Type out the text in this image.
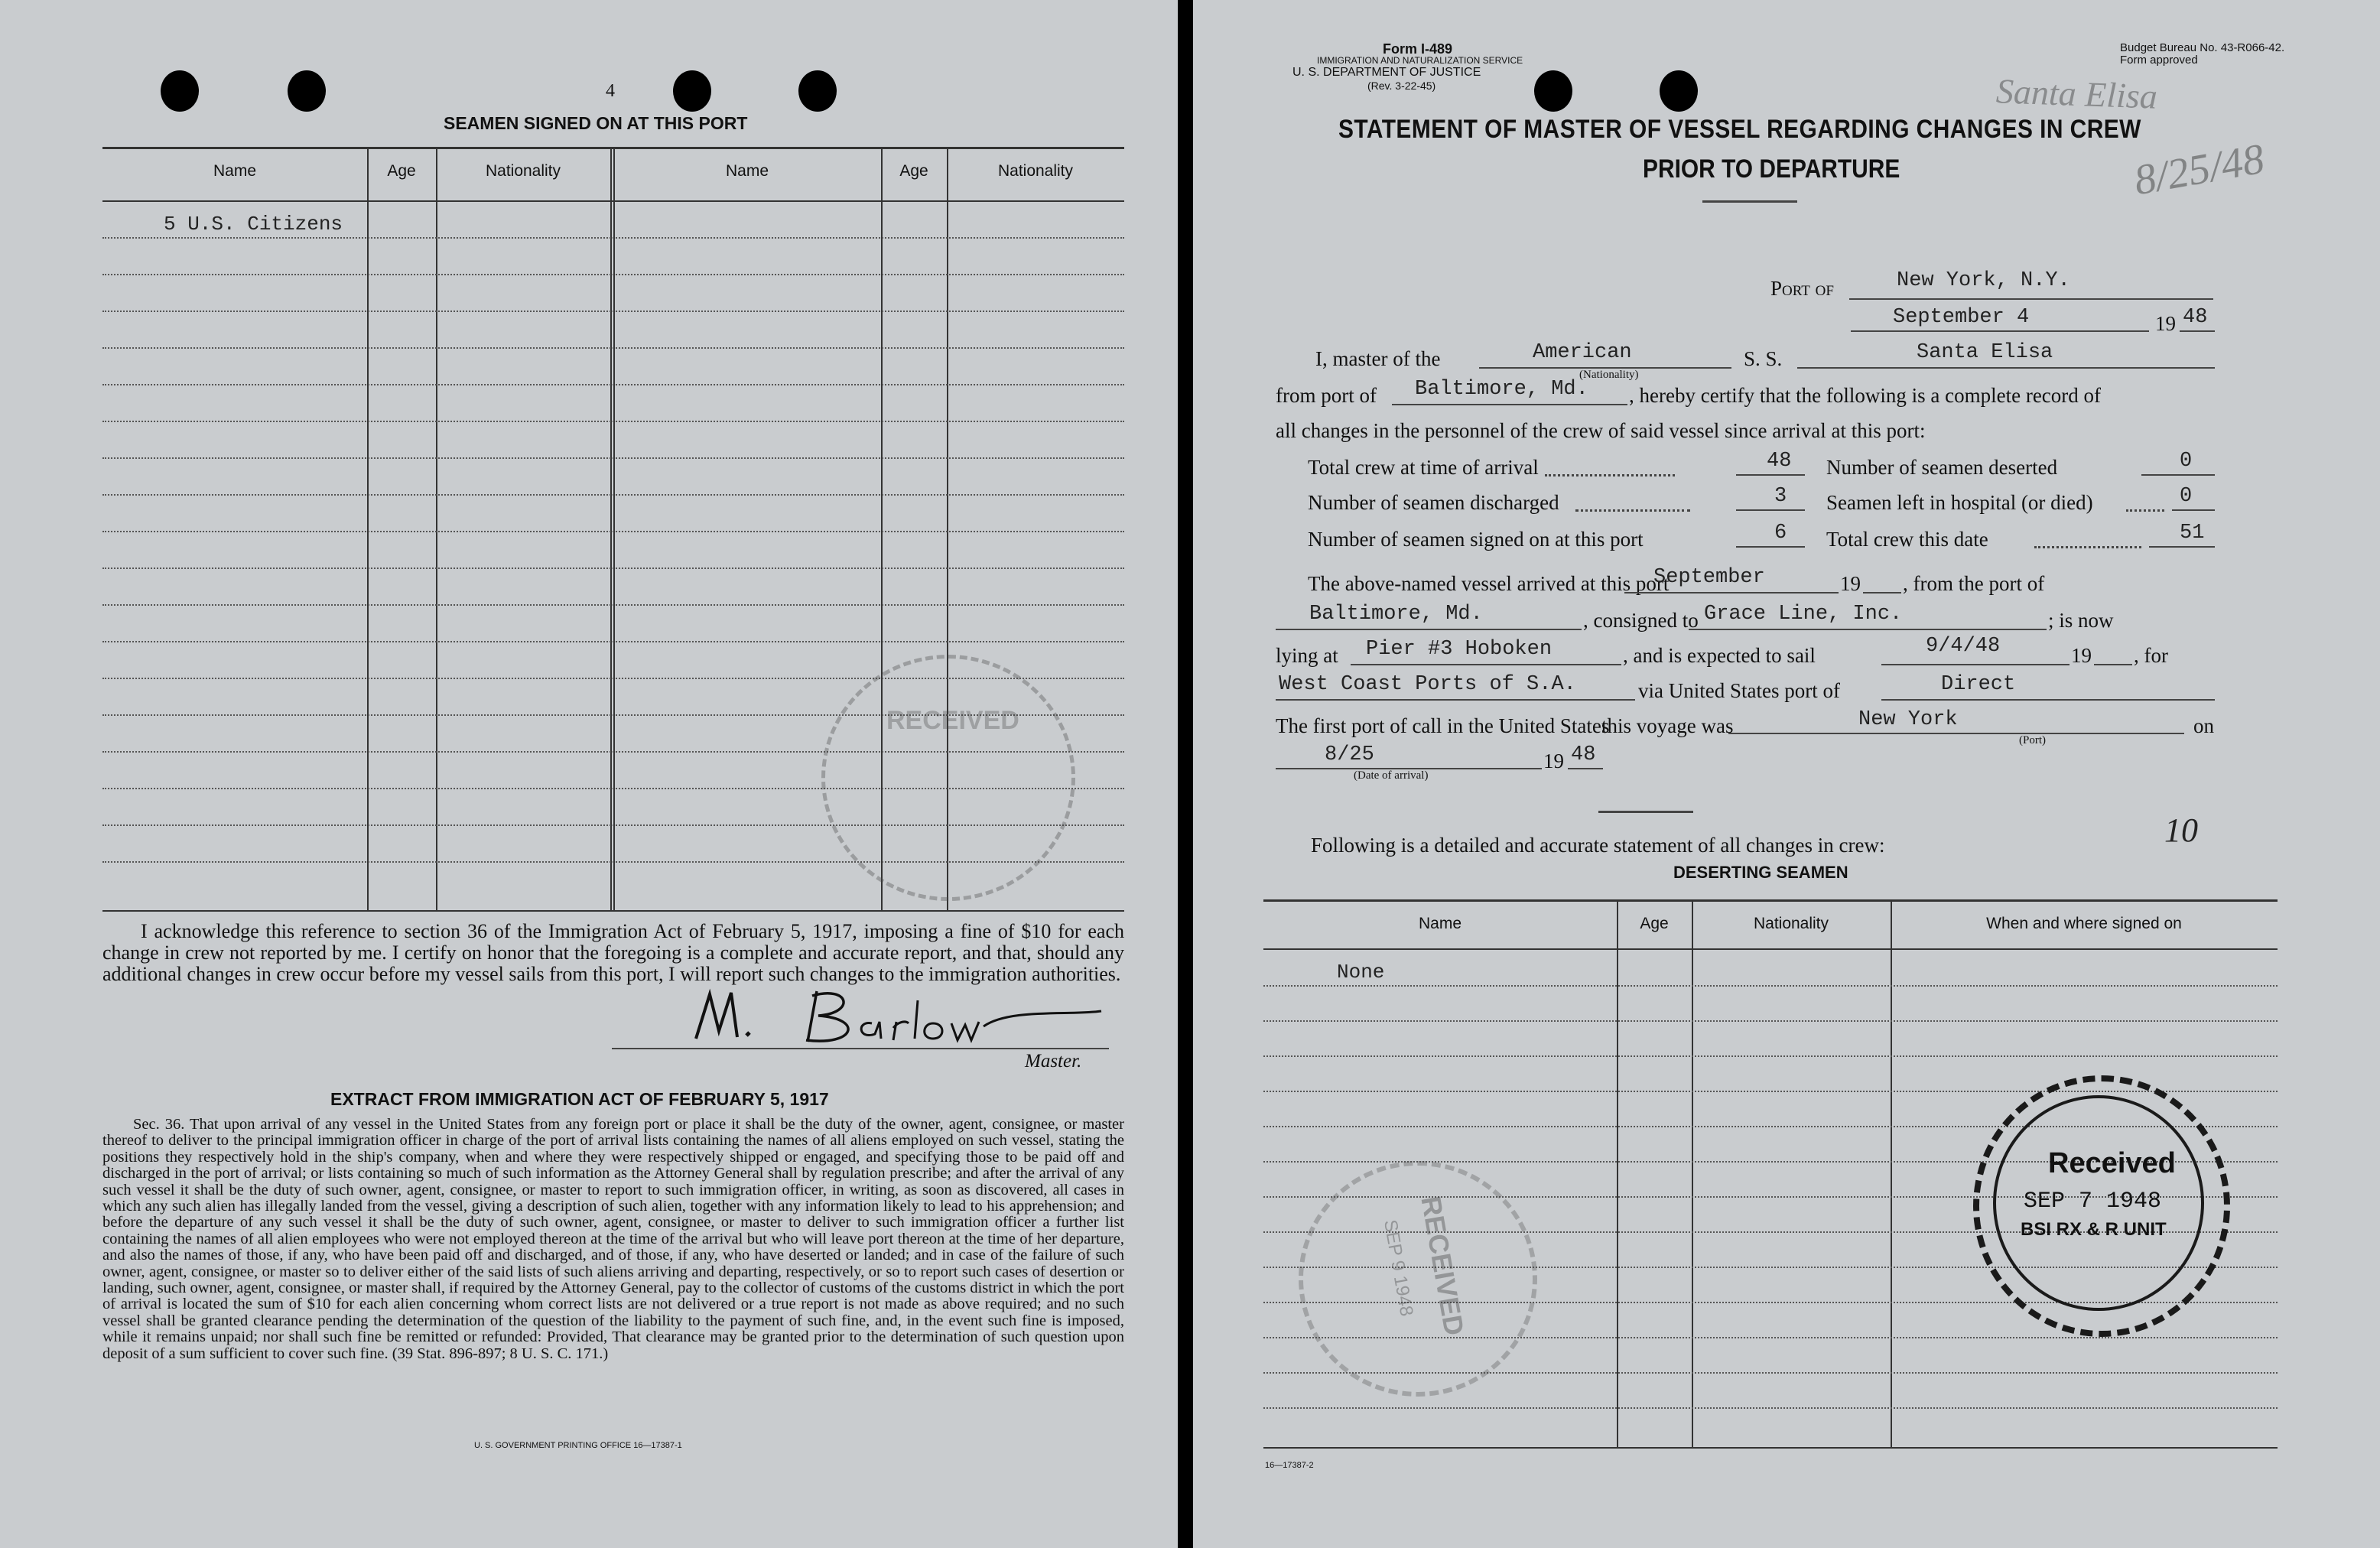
4
SEAMEN SIGNED ON AT THIS PORT
Name	Age	Nationality	Name	Age	Nationality
5 U.S. Citizens
RECEIVED
I acknowledge this reference to section 36 of the Immigration Act of February 5, 1917, imposing a fine of $10 for each change in crew not reported by me. I certify on honor that the foregoing is a complete and accurate report, and that, should any additional changes in crew occur before my vessel sails from this port, I will report such changes to the immigration authorities.
Master.
EXTRACT FROM IMMIGRATION ACT OF FEBRUARY 5, 1917
Sec. 36. That upon arrival of any vessel in the United States from any foreign port or place it shall be the duty of the owner, agent, consignee, or master thereof to deliver to the principal immigration officer in charge of the port of arrival lists containing the names of all aliens employed on such vessel, stating the positions they respectively hold in the ship's company, when and where they were respectively shipped or engaged, and specifying those to be paid off and discharged in the port of arrival; or lists containing so much of such information as the Attorney General shall by regulation prescribe; and after the arrival of any such vessel it shall be the duty of such owner, agent, consignee, or master to report to such immigration officer, in writing, as soon as discovered, all cases in which any such alien has illegally landed from the vessel, giving a description of such alien, together with any information likely to lead to his apprehension; and before the departure of any such vessel it shall be the duty of such owner, agent, consignee, or master to deliver to such immigration officer a further list containing the names of all alien employees who were not employed thereon at the time of the arrival but who will leave port thereon at the time of her departure, and also the names of those, if any, who have been paid off and discharged, and of those, if any, who have deserted or landed; and in case of the failure of such owner, agent, consignee, or master so to deliver either of the said lists of such aliens arriving and departing, respectively, or so to report such cases of desertion or landing, such owner, agent, consignee, or master shall, if required by the Attorney General, pay to the collector of customs of the customs district in which the port of arrival is located the sum of $10 for each alien concerning whom correct lists are not delivered or a true report is not made as above required; and no such vessel shall be granted clearance pending the determination of the question of the liability to the payment of such fine, and, in the event such fine is imposed, while it remains unpaid; nor shall such fine be remitted or refunded: Provided, That clearance may be granted prior to the determination of such question upon deposit of a sum sufficient to cover such fine. (39 Stat. 896-897; 8 U. S. C. 171.)
U. S. GOVERNMENT PRINTING OFFICE 16—17387-1
Form I-489
IMMIGRATION AND NATURALIZATION SERVICE
U. S. DEPARTMENT OF JUSTICE
(Rev. 3-22-45)
Budget Bureau No. 43-R066-42.
Form approved
Santa Elisa
8/25/48
STATEMENT OF MASTER OF VESSEL REGARDING CHANGES IN CREW
PRIOR TO DEPARTURE
Port of	New York, N.Y.
September 4	19 48
I, master of the	American
(Nationality)
S. S.	Santa Elisa
from port of Baltimore, Md. , hereby certify that the following is a complete record of
all changes in the personnel of the crew of said vessel since arrival at this port:
Total crew at time of arrival	48 Number of seamen deserted	0
Number of seamen discharged	3 Seamen left in hospital (or died)	0
Number of seamen signed on at this port	6 Total crew this date	51
The above-named vessel arrived at this port
September	19 , from the port of
Baltimore, Md.	, consigned to Grace Line, Inc.	; is now
lying at Pier #3 Hoboken	, and is expected to sail	9/4/48	19 , for
West Coast Ports of S.A.	via United States port of	Direct
The first port of call in the United States
this voyage was	New York
(Port)
on
8/25
(Date of arrival)
19 48
Following is a detailed and accurate statement of all changes in crew:	10
DESERTING SEAMEN
Name	Age	Nationality	When and where signed on
None
RECEIVED
SEP 9 1948
Received
SEP 7 1948
BSI RX & R UNIT
16—17387-2
